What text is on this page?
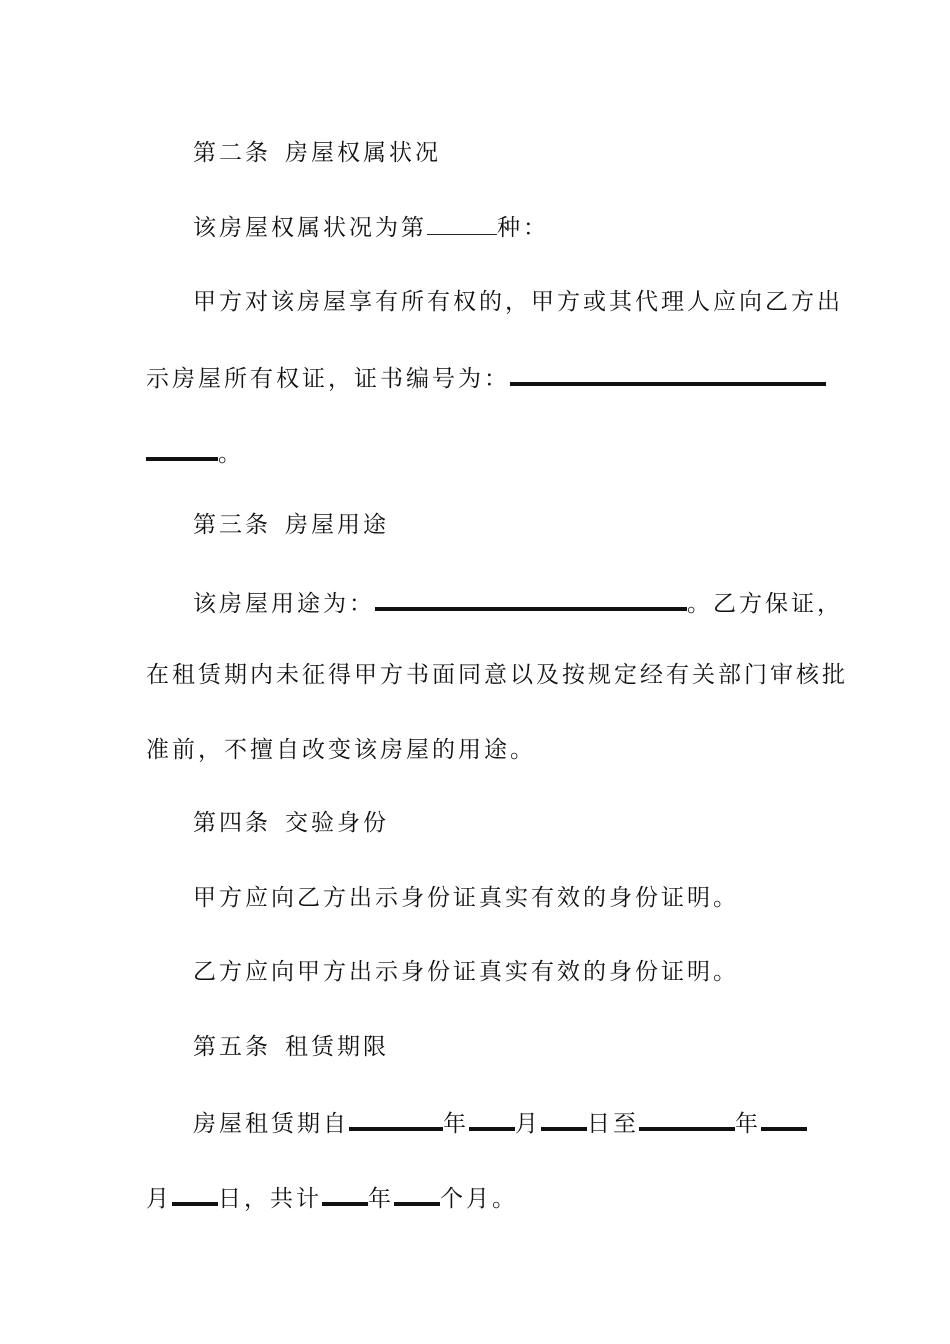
第二条 房屋权属状况
该房屋权属状况为第	种：
甲方对该房屋享有所有权的，甲方或其代理人应向乙方出
示房屋所有权证，证书编号为：
。
第三条 房屋用途
该房屋用途为：	。乙方保证，
在租赁期内未征得甲方书面同意以及按规定经有关部门审核批
准前，不擅自改变该房屋的用途。
第四条 交验身份
甲方应向乙方出示身份证真实有效的身份证明。
乙方应向甲方出示身份证真实有效的身份证明。
第五条 租赁期限
房屋租赁期自	年 月 日至	年
月 日，共计 年 个月。
